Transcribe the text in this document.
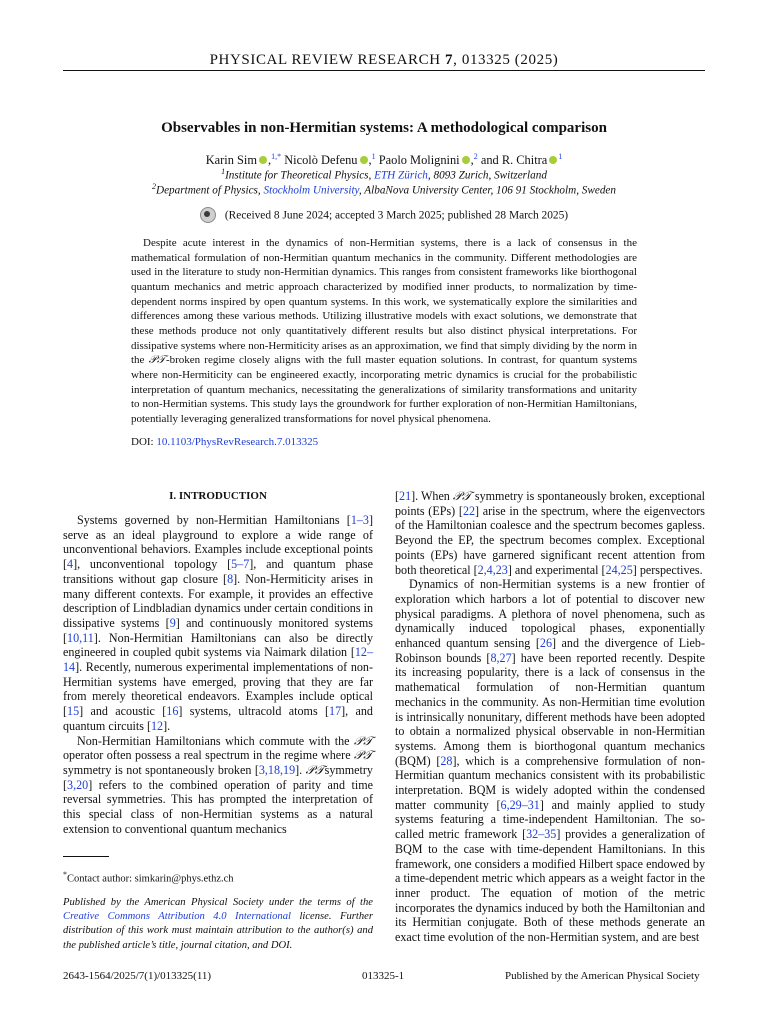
PHYSICAL REVIEW RESEARCH 7, 013325 (2025)
Observables in non-Hermitian systems: A methodological comparison
Karin Sim ,$^{1,*}$ Nicolò Defenu ,$^1$ Paolo Molignini ,$^2$ and R. Chitra $^1$
$^1$Institute for Theoretical Physics, ETH Zürich, 8093 Zurich, Switzerland
$^2$Department of Physics, Stockholm University, AlbaNova University Center, 106 91 Stockholm, Sweden
(Received 8 June 2024; accepted 3 March 2025; published 28 March 2025)

Despite acute interest in the dynamics of non-Hermitian systems, there is a lack of consensus in the mathematical formulation of non-Hermitian quantum mechanics in the community. Different methodologies are used in the literature to study non-Hermitian dynamics. This ranges from consistent frameworks like biorthogonal quantum mechanics and metric approach characterized by modified inner products, to normalization by time-dependent norms inspired by open quantum systems. In this work, we systematically explore the similarities and differences among these various methods. Utilizing illustrative models with exact solutions, we demonstrate that these methods produce not only quantitatively different results but also distinct physical interpretations. For dissipative systems where non-Hermiticity arises as an approximation, we find that simply dividing by the norm in the 𝒫𝒯-broken regime closely aligns with the full master equation solutions. In contrast, for quantum systems where non-Hermiticity can be engineered exactly, incorporating metric dynamics is crucial for the probabilistic interpretation of quantum mechanics, necessitating the generalizations of similarity transformations and unitarity to non-Hermitian systems. This study lays the groundwork for further exploration of non-Hermitian Hamiltonians, potentially leveraging generalized transformations for novel physical phenomena.

DOI: 10.1103/PhysRevResearch.7.013325
I. INTRODUCTION

Systems governed by non-Hermitian Hamiltonians [1–3] serve as an ideal playground to explore a wide range of unconventional behaviors. Examples include exceptional points [4], unconventional topology [5–7], and quantum phase transitions without gap closure [8]. Non-Hermiticity arises in many different contexts. For example, it provides an effective description of Lindbladian dynamics under certain conditions in dissipative systems [9] and continuously monitored systems [10,11]. Non-Hermitian Hamiltonians can also be directly engineered in coupled qubit systems via Naimark dilation [12–14]. Recently, numerous experimental implementations of non-Hermitian systems have emerged, proving that they are far from merely theoretical endeavors. Examples include optical [15] and acoustic [16] systems, ultracold atoms [17], and quantum circuits [12].

Non-Hermitian Hamiltonians which commute with the 𝒫𝒯 operator often possess a real spectrum in the regime where 𝒫𝒯 symmetry is not spontaneously broken [3,18,19]. 𝒫𝒯symmetry [3,20] refers to the combined operation of parity and time reversal symmetries. This has prompted the interpretation of this special class of non-Hermitian systems as a natural extension to conventional quantum mechanics

[21]. When 𝒫𝒯 symmetry is spontaneously broken, exceptional points (EPs) [22] arise in the spectrum, where the eigenvectors of the Hamiltonian coalesce and the spectrum becomes gapless. Beyond the EP, the spectrum becomes complex. Exceptional points (EPs) have garnered significant recent attention from both theoretical [2,4,23] and experimental [24,25] perspectives.

Dynamics of non-Hermitian systems is a new frontier of exploration which harbors a lot of potential to discover new physical paradigms. A plethora of novel phenomena, such as dynamically induced topological phases, exponentially enhanced quantum sensing [26] and the divergence of Lieb-Robinson bounds [8,27] have been reported recently. Despite its increasing popularity, there is a lack of consensus in the mathematical formulation of non-Hermitian quantum mechanics in the community. As non-Hermitian time evolution is intrinsically nonunitary, different methods have been adopted to obtain a normalized physical observable in non-Hermitian systems. Among them is biorthogonal quantum mechanics (BQM) [28], which is a comprehensive formulation of non-Hermitian quantum mechanics consistent with its probabilistic interpretation. BQM is widely adopted within the condensed matter community [6,29–31] and mainly applied to study systems featuring a time-independent Hamiltonian. The so-called metric framework [32–35] provides a generalization of BQM to the case with time-dependent Hamiltonians. In this framework, one considers a modified Hilbert space endowed by a time-dependent metric which appears as a weight factor in the inner product. The equation of motion of the metric incorporates the dynamics induced by both the Hamiltonian and its Hermitian conjugate. Both of these methods generate an exact time evolution of the non-Hermitian system, and are best

*Contact author: simkarin@phys.ethz.ch
Published by the American Physical Society under the terms of the Creative Commons Attribution 4.0 International license. Further distribution of this work must maintain attribution to the author(s) and the published article’s title, journal citation, and DOI.
2643-1564/2025/7(1)/013325(11)	013325-1	Published by the American Physical Society
